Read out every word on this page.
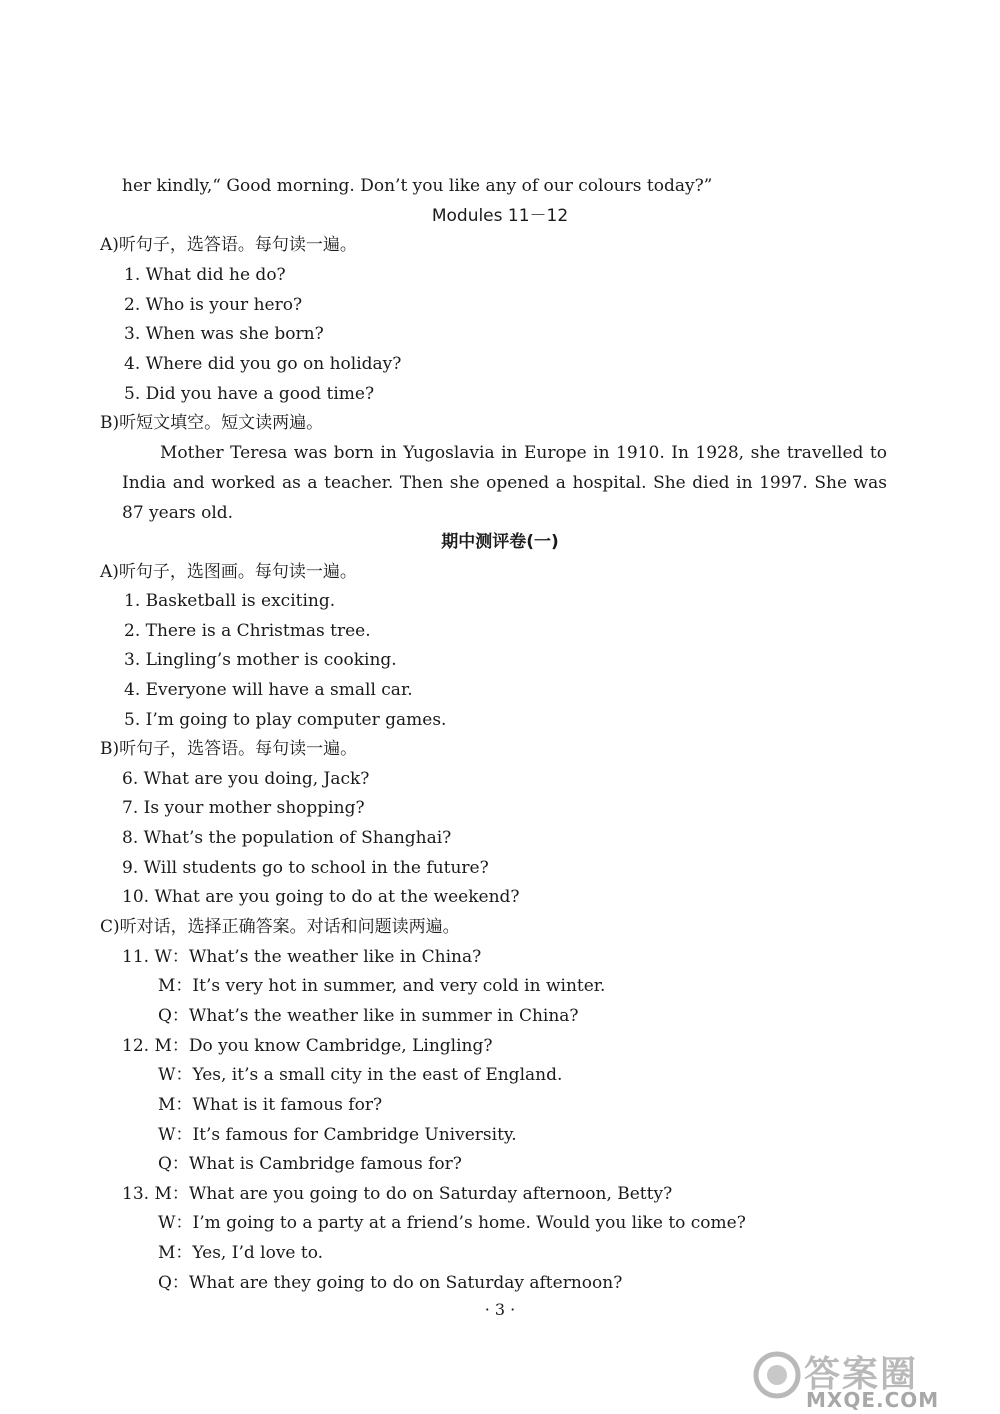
her kindly,“ Good morning. Don’t you like any of our colours today?”
Modules 11－12
A)听句子，选答语。每句读一遍。
1. What did he do?
2. Who is your hero?
3. When was she born?
4. Where did you go on holiday?
5. Did you have a good time?
B)听短文填空。短文读两遍。
Mother Teresa was born in Yugoslavia in Europe in 1910. In 1928, she travelled to India and worked as a teacher. Then she opened a hospital. She died in 1997. She was 87 years old.
期中测评卷(一)
A)听句子，选图画。每句读一遍。
1. Basketball is exciting.
2. There is a Christmas tree.
3. Lingling’s mother is cooking.
4. Everyone will have a small car.
5. I’m going to play computer games.
B)听句子，选答语。每句读一遍。
6. What are you doing, Jack?
7. Is your mother shopping?
8. What’s the population of Shanghai?
9. Will students go to school in the future?
10. What are you going to do at the weekend?
C)听对话，选择正确答案。对话和问题读两遍。
11. W：What’s the weather like in China?
M：It’s very hot in summer, and very cold in winter.
Q：What’s the weather like in summer in China?
12. M：Do you know Cambridge, Lingling?
W：Yes, it’s a small city in the east of England.
M：What is it famous for?
W：It’s famous for Cambridge University.
Q：What is Cambridge famous for?
13. M：What are you going to do on Saturday afternoon, Betty?
W：I’m going to a party at a friend’s home. Would you like to come?
M：Yes, I’d love to.
Q：What are they going to do on Saturday afternoon?
· 3 ·
答案圈
MXQE.COM
